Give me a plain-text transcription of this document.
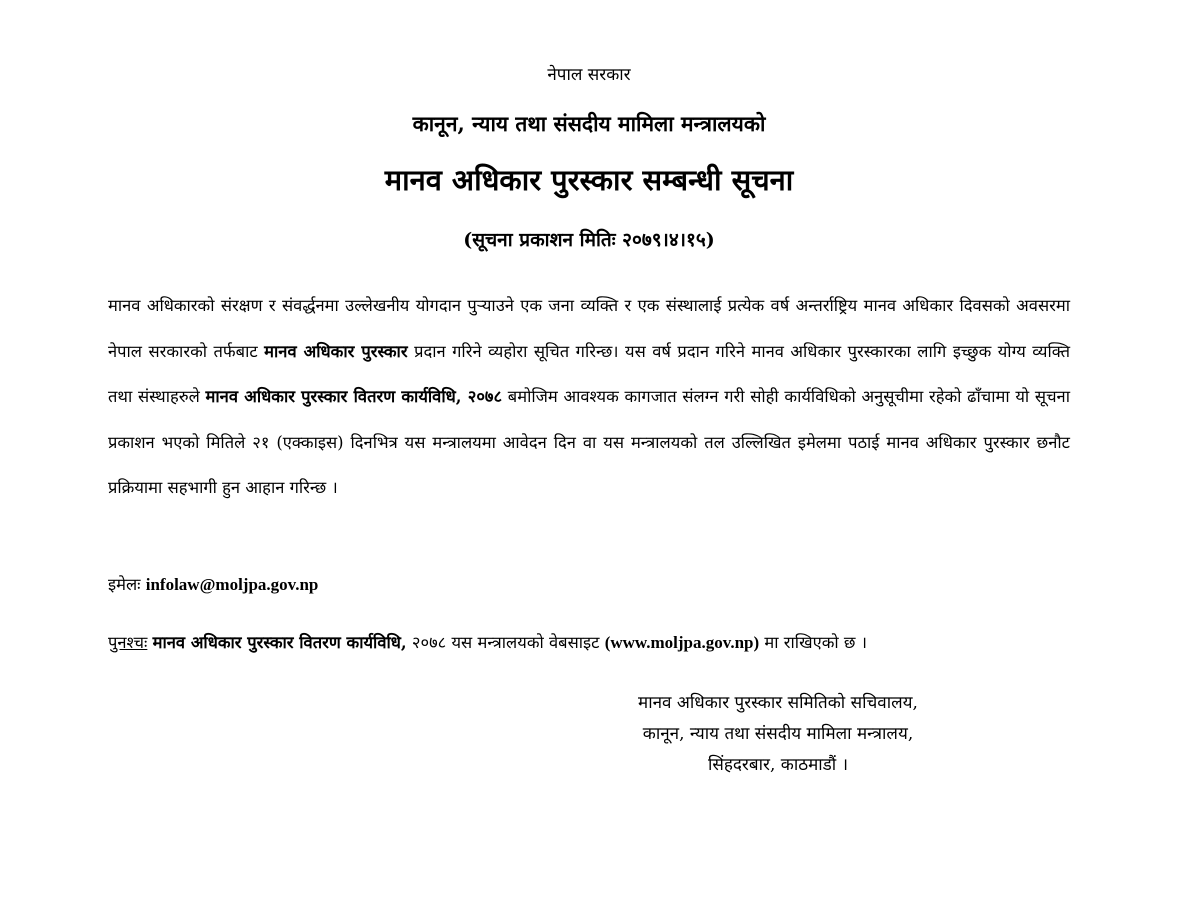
नेपाल सरकार
कानून, न्याय तथा संसदीय मामिला मन्त्रालयको
मानव अधिकार पुरस्कार सम्बन्धी सूचना
(सूचना प्रकाशन मितिः २०७९।४।१५)
मानव अधिकारको संरक्षण र संवर्द्धनमा उल्लेखनीय योगदान पुऱ्याउने एक जना व्यक्ति र एक संस्थालाई प्रत्येक वर्ष अन्तर्राष्ट्रिय मानव अधिकार दिवसको अवसरमा नेपाल सरकारको तर्फबाट मानव अधिकार पुरस्कार प्रदान गरिने व्यहोरा सूचित गरिन्छ। यस वर्ष प्रदान गरिने मानव अधिकार पुरस्कारका लागि इच्छुक योग्य व्यक्ति तथा संस्थाहरुले मानव अधिकार पुरस्कार वितरण कार्यविधि, २०७८ बमोजिम आवश्यक कागजात संलग्न गरी सोही कार्यविधिको अनुसूचीमा रहेको ढाँचामा यो सूचना प्रकाशन भएको मितिले २१ (एक्काइस) दिनभित्र यस मन्त्रालयमा आवेदन दिन वा यस मन्त्रालयको तल उल्लिखित इमेलमा पठाई मानव अधिकार पुरस्कार छनौट प्रक्रियामा सहभागी हुन आहान गरिन्छ ।
इमेलः infolaw@moljpa.gov.np
पुनश्चः मानव अधिकार पुरस्कार वितरण कार्यविधि, २०७८ यस मन्त्रालयको वेबसाइट (www.moljpa.gov.np) मा राखिएको छ ।
मानव अधिकार पुरस्कार समितिको सचिवालय,
कानून, न्याय तथा संसदीय मामिला मन्त्रालय,
सिंहदरबार, काठमाडौं ।
